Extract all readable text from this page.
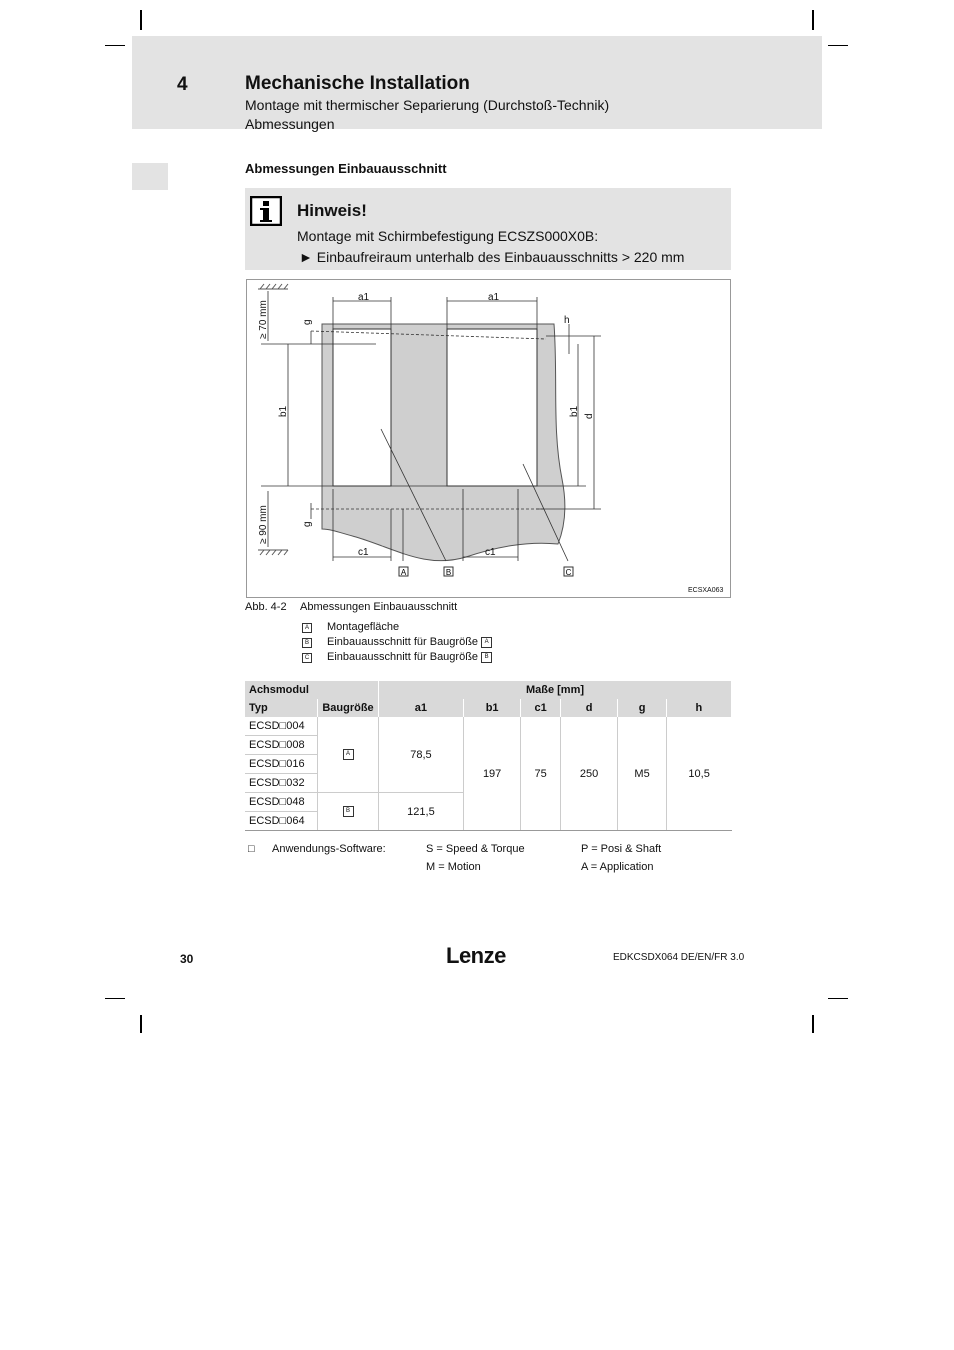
4	Mechanische Installation
Montage mit thermischer Separierung (Durchstoß-Technik)
Abmessungen
Abmessungen Einbauausschnitt
Hinweis!
Montage mit Schirmbefestigung ECSZS000X0B:
► Einbaufreiraum unterhalb des Einbauausschnitts > 220 mm
a1	a1
c1	c1
h
≥ 70 mm
≥ 90 mm
b1	b1 d
g
g
ECSXA063
A	B	C
Abb. 4-2 Abmessungen Einbauausschnitt
A Montagefläche
B Einbauausschnitt für Baugröße A
C Einbauausschnitt für Baugröße B
Achsmodul		Maße [mm]					
Typ	Baugröße	a1	b1	c1	d	g	h
ECSD□004	A	78,5	197	75	250	M5	10,5
ECSD□008							
ECSD□016							
ECSD□032							
ECSD□048	B	121,5					
ECSD□064							
□ Anwendungs-Software:	S = Speed & Torque	P = Posi & Shaft
M = Motion	A = Application
30	Lenze	EDKCSDX064 DE/EN/FR 3.0
